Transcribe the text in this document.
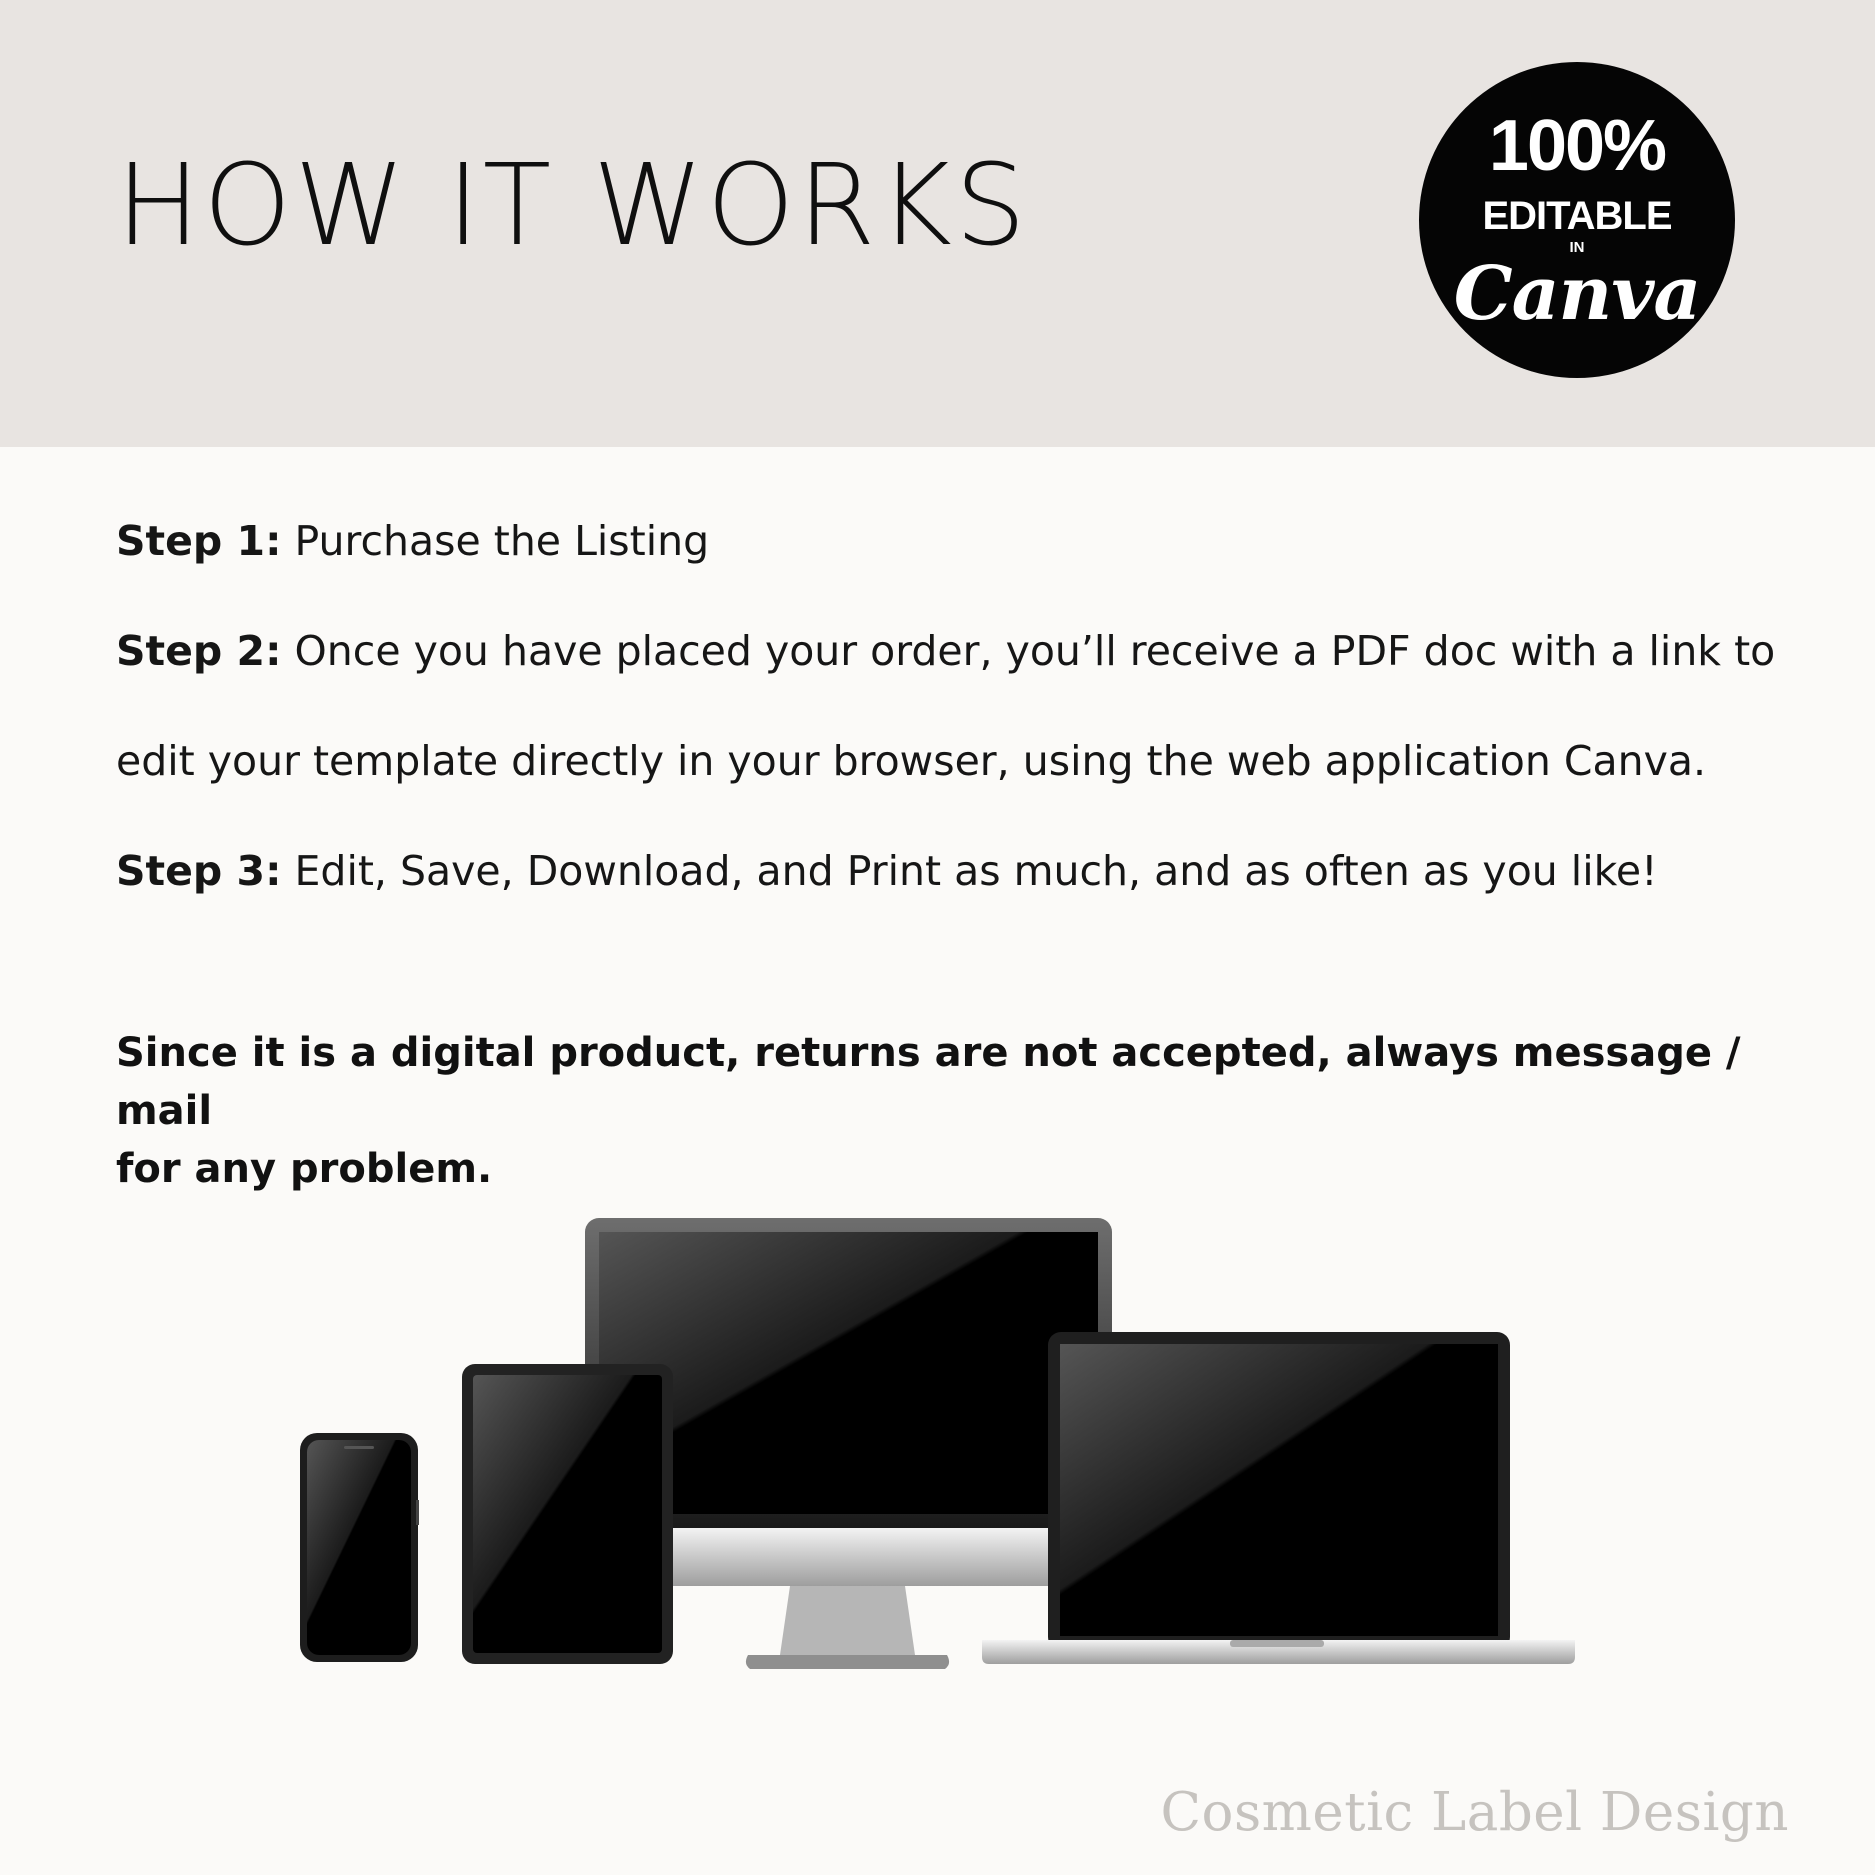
HOW IT WORKS	100%
EDITABLE
IN
Canva
Step 1: Purchase the Listing
Step 2: Once you have placed your order, you’ll receive a PDF doc with a link to
edit your template directly in your browser, using the web application Canva.
Step 3: Edit, Save, Download, and Print as much, and as often as you like!
Since it is a digital product, returns are not accepted, always message / mail
for any problem.
Cosmetic Label Design
